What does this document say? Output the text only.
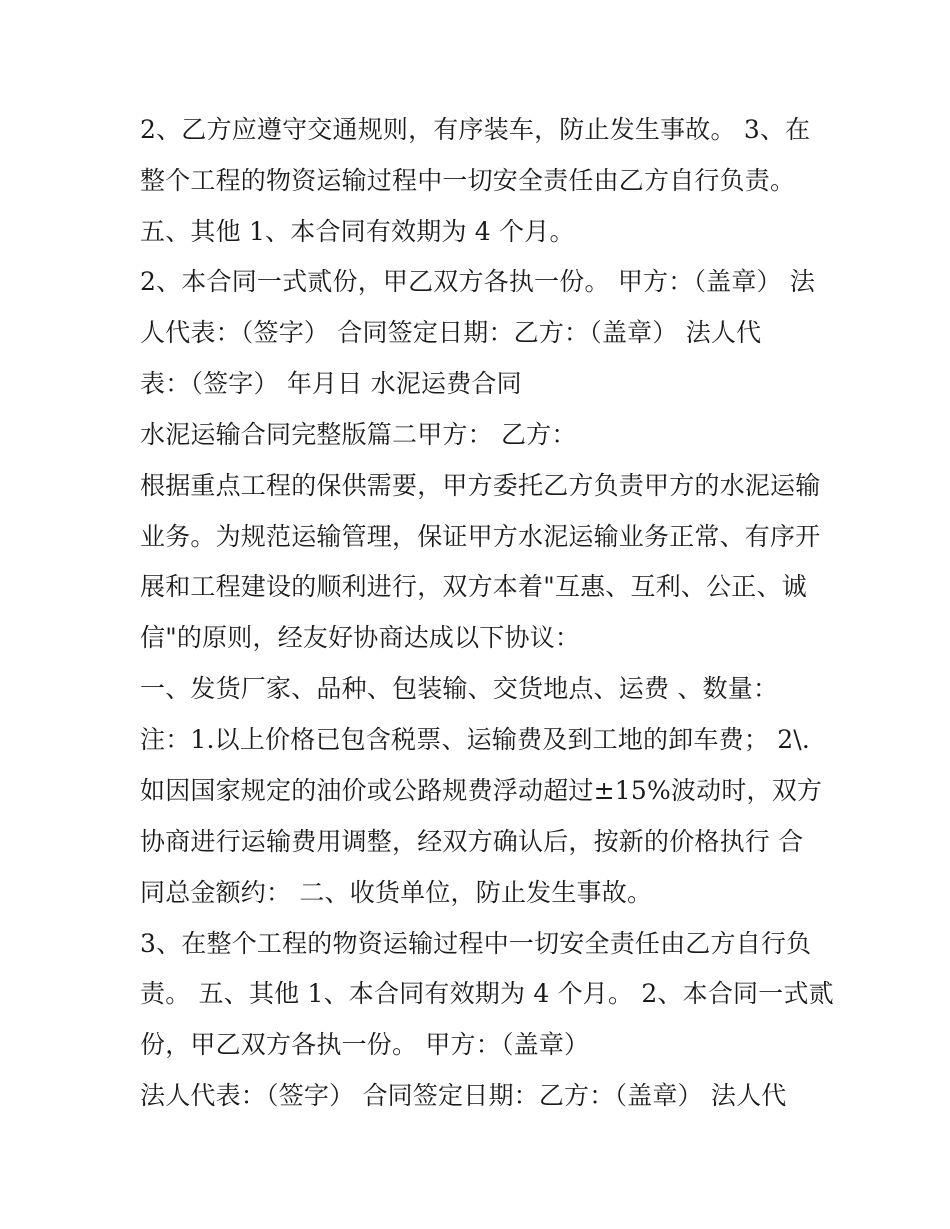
2、乙方应遵守交通规则，有序装车，防止发生事故。 3、在

整个工程的物资运输过程中一切安全责任由乙方自行负责。

五、其他 1、本合同有效期为 4 个月。

2、本合同一式贰份，甲乙双方各执一份。 甲方：（盖章） 法

人代表：（签字） 合同签定日期：乙方：（盖章） 法人代

表：（签字） 年月日 水泥运费合同

水泥运输合同完整版篇二甲方： 乙方：

根据重点工程的保供需要，甲方委托乙方负责甲方的水泥运输

业务。为规范运输管理，保证甲方水泥运输业务正常、有序开

展和工程建设的顺利进行，双方本着"互惠、互利、公正、诚

信"的原则，经友好协商达成以下协议：

一、发货厂家、品种、包装输、交货地点、运费 、数量：

注：1.以上价格已包含税票、运输费及到工地的卸车费； 2\.

如因国家规定的油价或公路规费浮动超过±15%波动时，双方

协商进行运输费用调整，经双方确认后，按新的价格执行 合

同总金额约： 二、收货单位，防止发生事故。

3、在整个工程的物资运输过程中一切安全责任由乙方自行负

责。 五、其他 1、本合同有效期为 4 个月。 2、本合同一式贰

份，甲乙双方各执一份。 甲方：（盖章）

法人代表：（签字） 合同签定日期：乙方：（盖章） 法人代
